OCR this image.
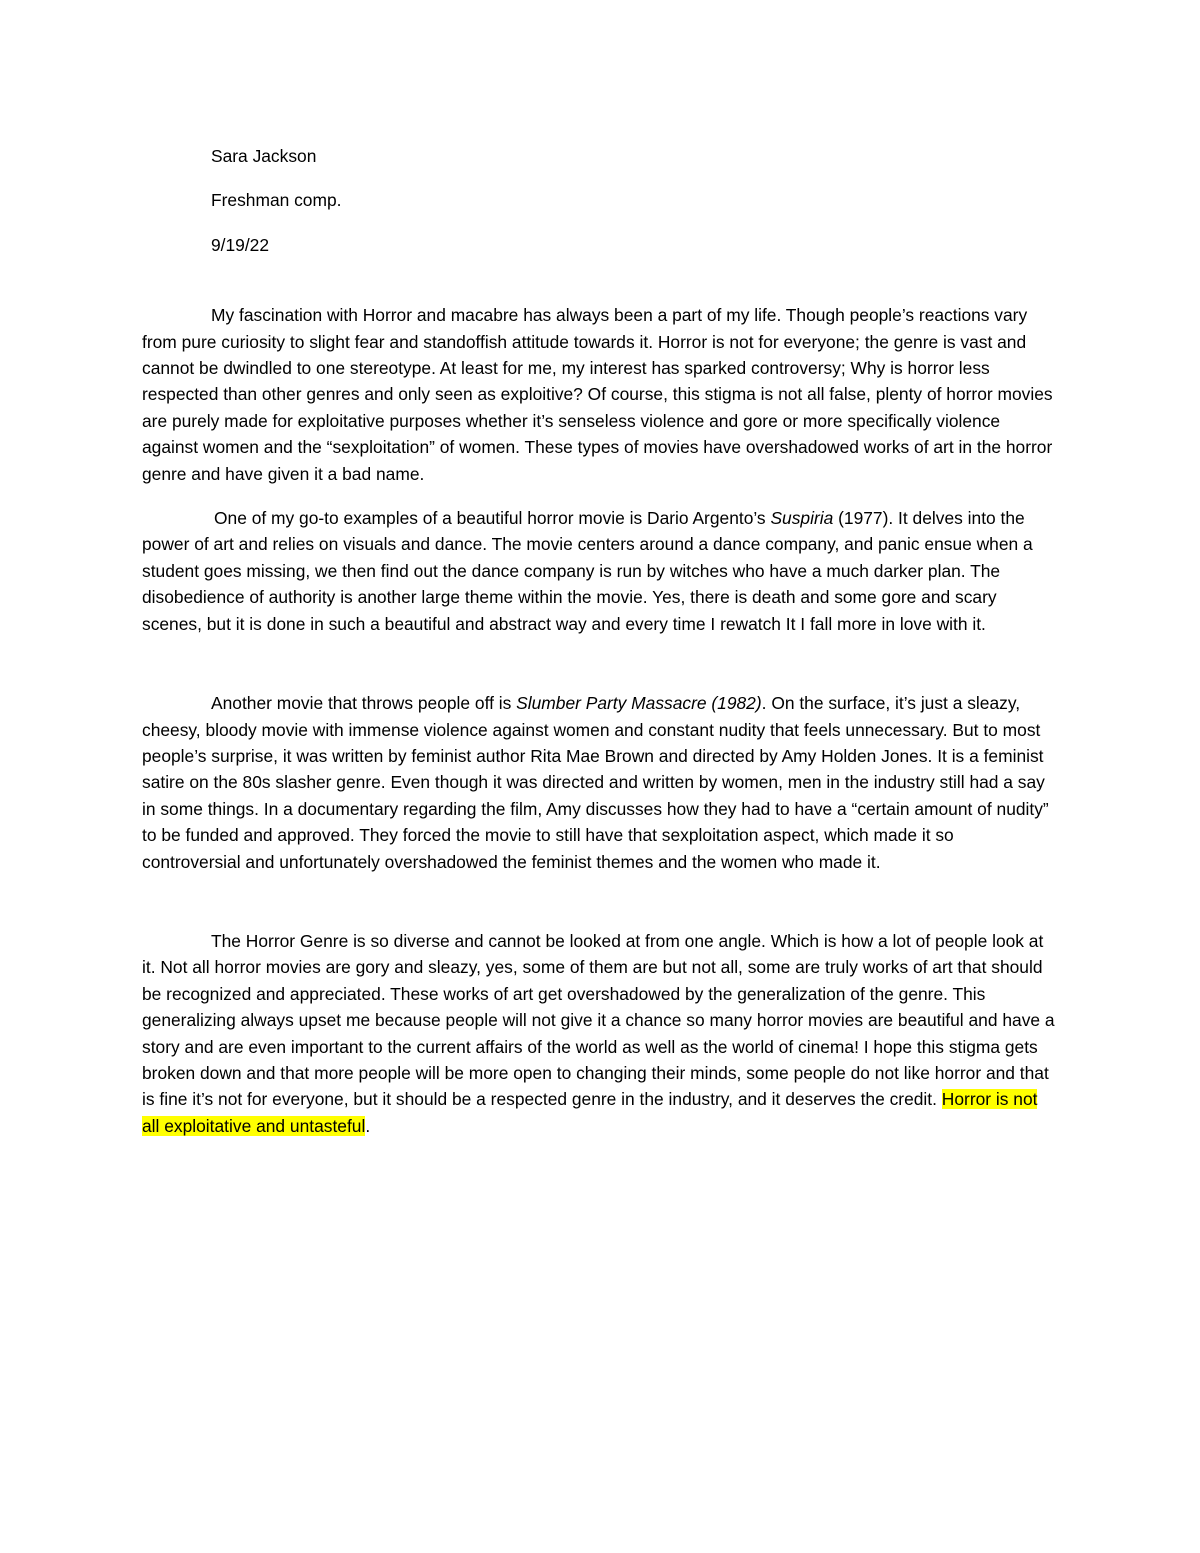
Sara Jackson
Freshman comp.
9/19/22

My fascination with Horror and macabre has always been a part of my life. Though people’s reactions vary from pure curiosity to slight fear and standoffish attitude towards it. Horror is not for everyone; the genre is vast and cannot be dwindled to one stereotype. At least for me, my interest has sparked controversy; Why is horror less respected than other genres and only seen as exploitive? Of course, this stigma is not all false, plenty of horror movies are purely made for exploitative purposes whether it’s senseless violence and gore or more specifically violence against women and the “sexploitation” of women. These types of movies have overshadowed works of art in the horror genre and have given it a bad name.

One of my go-to examples of a beautiful horror movie is Dario Argento’s Suspiria (1977). It delves into the power of art and relies on visuals and dance. The movie centers around a dance company, and panic ensue when a student goes missing, we then find out the dance company is run by witches who have a much darker plan. The disobedience of authority is another large theme within the movie. Yes, there is death and some gore and scary scenes, but it is done in such a beautiful and abstract way and every time I rewatch It I fall more in love with it.

Another movie that throws people off is Slumber Party Massacre (1982). On the surface, it’s just a sleazy, cheesy, bloody movie with immense violence against women and constant nudity that feels unnecessary. But to most people’s surprise, it was written by feminist author Rita Mae Brown and directed by Amy Holden Jones. It is a feminist satire on the 80s slasher genre. Even though it was directed and written by women, men in the industry still had a say in some things. In a documentary regarding the film, Amy discusses how they had to have a “certain amount of nudity” to be funded and approved. They forced the movie to still have that sexploitation aspect, which made it so controversial and unfortunately overshadowed the feminist themes and the women who made it.

The Horror Genre is so diverse and cannot be looked at from one angle. Which is how a lot of people look at it. Not all horror movies are gory and sleazy, yes, some of them are but not all, some are truly works of art that should be recognized and appreciated. These works of art get overshadowed by the generalization of the genre. This generalizing always upset me because people will not give it a chance so many horror movies are beautiful and have a story and are even important to the current affairs of the world as well as the world of cinema! I hope this stigma gets broken down and that more people will be more open to changing their minds, some people do not like horror and that is fine it’s not for everyone, but it should be a respected genre in the industry, and it deserves the credit. Horror is not all exploitative and untasteful.
